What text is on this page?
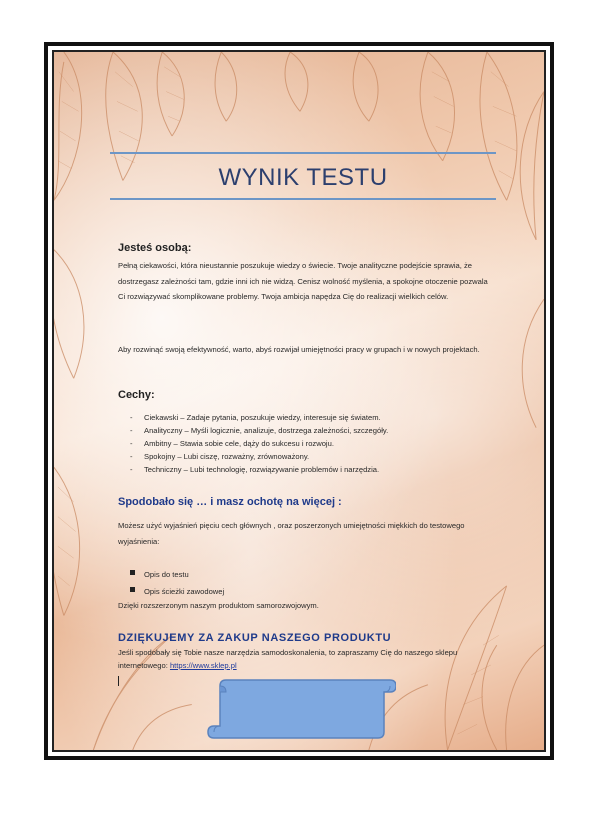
WYNIK TESTU
Jesteś osobą:
Pełną ciekawości, która nieustannie poszukuje wiedzy o świecie. Twoje analityczne podejście sprawia, że dostrzegasz zależności tam, gdzie inni ich nie widzą. Cenisz wolność myślenia, a spokojne otoczenie pozwala Ci rozwiązywać skomplikowane problemy. Twoja ambicja napędza Cię do realizacji wielkich celów.
Aby rozwinąć swoją efektywność, warto, abyś rozwijał umiejętności pracy w grupach i w nowych projektach.
Cechy:
- Ciekawski – Zadaje pytania, poszukuje wiedzy, interesuje się światem.
- Analityczny – Myśli logicznie, analizuje, dostrzega zależności, szczegóły.
- Ambitny – Stawia sobie cele, dąży do sukcesu i rozwoju.
- Spokojny – Lubi ciszę, rozważny, zrównoważony.
- Techniczny – Lubi technologię, rozwiązywanie problemów i narzędzia.
Spodobało się … i masz ochotę na więcej :
Możesz użyć wyjaśnień pięciu cech głównych , oraz poszerzonych umiejętności miękkich do testowego wyjaśnienia:
Opis do testu
Opis ścieżki zawodowej
Dzięki rozszerzonym naszym produktom samorozwojowym.
DZIĘKUJEMY ZA ZAKUP NASZEGO PRODUKTU
Jeśli spodobały się Tobie nasze narzędzia samodoskonalenia, to zapraszamy Cię do naszego sklepu internetowego: https://www.sklep.pl
